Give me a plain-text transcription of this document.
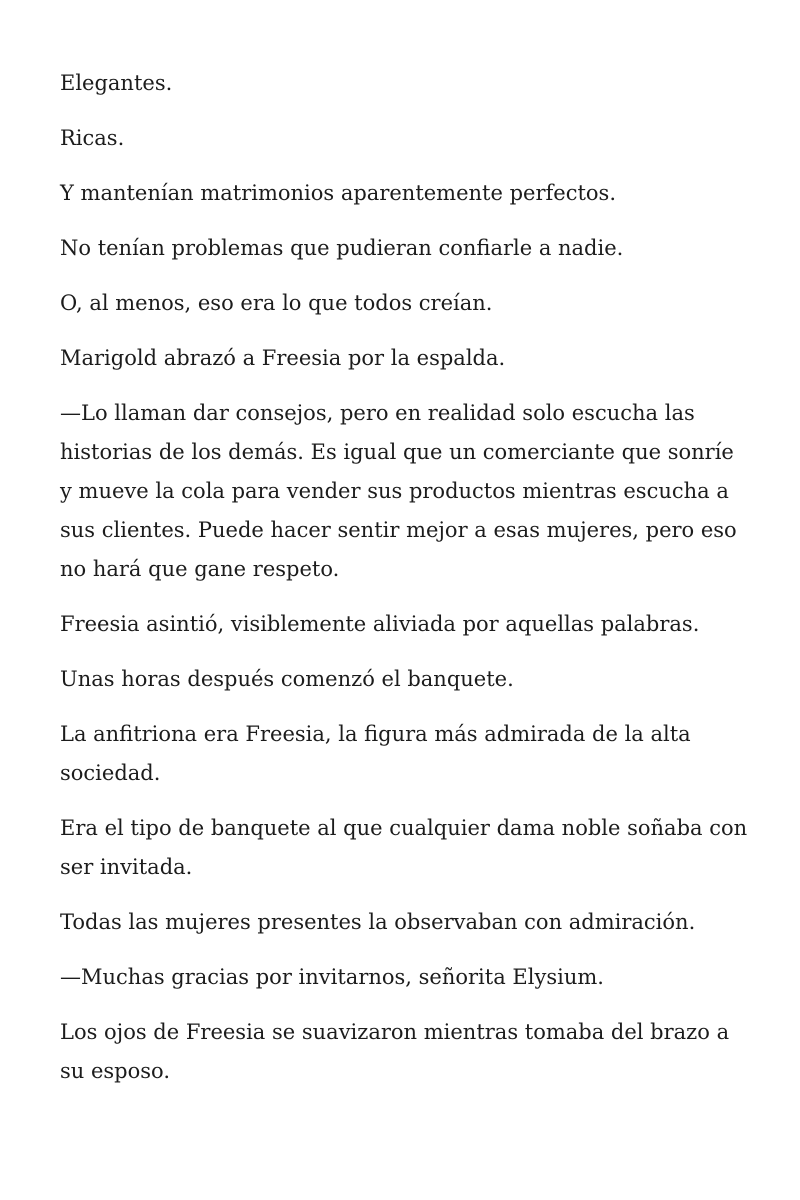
Elegantes.

Ricas.

Y mantenían matrimonios aparentemente perfectos.

No tenían problemas que pudieran confiarle a nadie.

O, al menos, eso era lo que todos creían.

Marigold abrazó a Freesia por la espalda.

—Lo llaman dar consejos, pero en realidad solo escucha las historias de los demás. Es igual que un comerciante que sonríe y mueve la cola para vender sus productos mientras escucha a sus clientes. Puede hacer sentir mejor a esas mujeres, pero eso no hará que gane respeto.

Freesia asintió, visiblemente aliviada por aquellas palabras.

Unas horas después comenzó el banquete.

La anfitriona era Freesia, la figura más admirada de la alta sociedad.

Era el tipo de banquete al que cualquier dama noble soñaba con ser invitada.

Todas las mujeres presentes la observaban con admiración.

—Muchas gracias por invitarnos, señorita Elysium.

Los ojos de Freesia se suavizaron mientras tomaba del brazo a su esposo.
